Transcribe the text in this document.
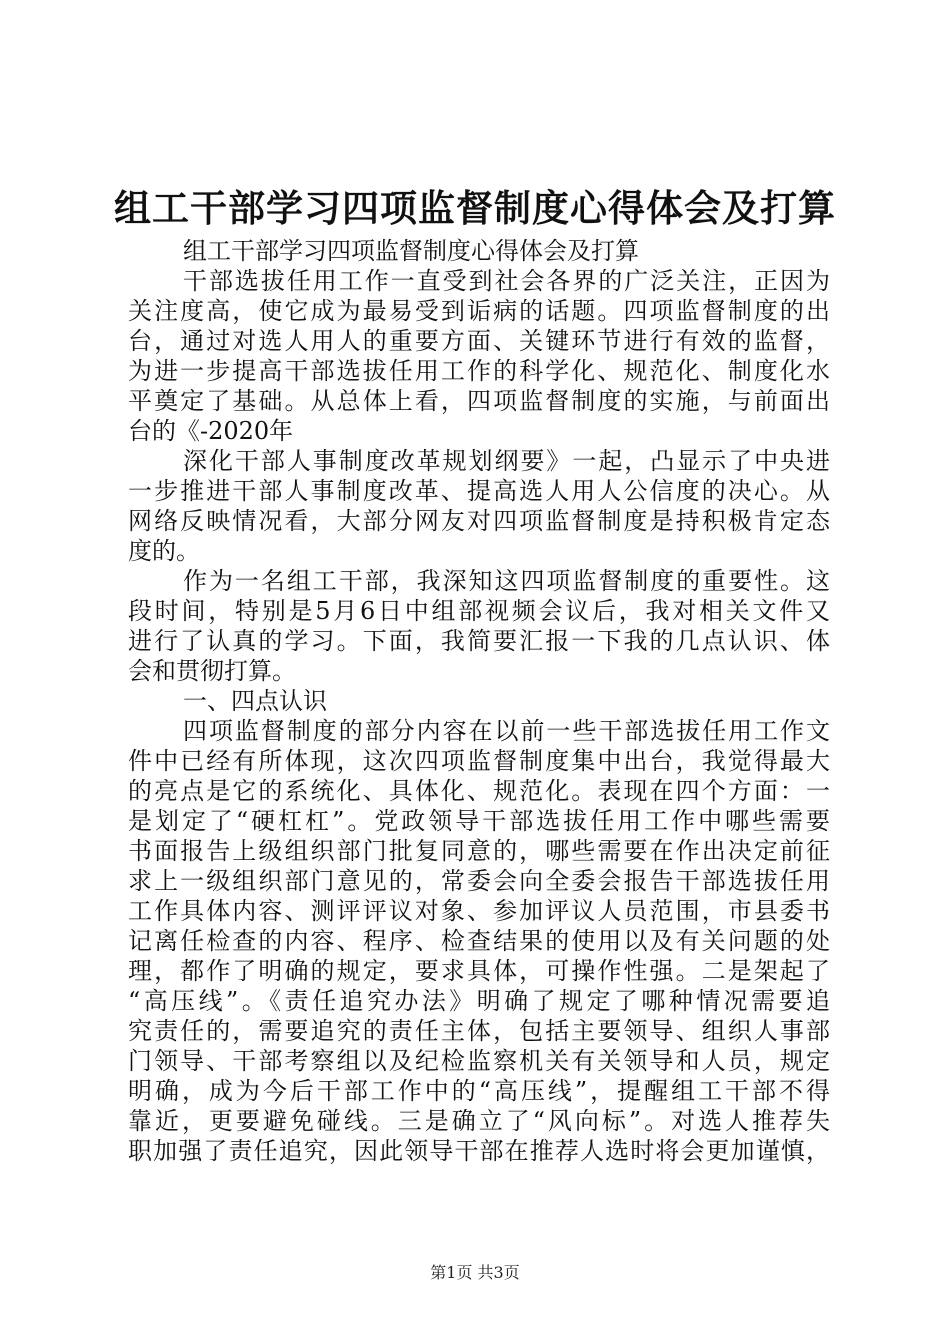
组工干部学习四项监督制度心得体会及打算
组工干部学习四项监督制度心得体会及打算
干部选拔任用工作一直受到社会各界的广泛关注，正因为
关注度高，使它成为最易受到诟病的话题。四项监督制度的出
台，通过对选人用人的重要方面、关键环节进行有效的监督，
为进一步提高干部选拔任用工作的科学化、规范化、制度化水
平奠定了基础。从总体上看，四项监督制度的实施，与前面出
台的《-2020年
深化干部人事制度改革规划纲要》一起，凸显示了中央进
一步推进干部人事制度改革、提高选人用人公信度的决心。从
网络反映情况看，大部分网友对四项监督制度是持积极肯定态
度的。
作为一名组工干部，我深知这四项监督制度的重要性。这
段时间，特别是5月6日中组部视频会议后，我对相关文件又
进行了认真的学习。下面，我简要汇报一下我的几点认识、体
会和贯彻打算。
一、四点认识
四项监督制度的部分内容在以前一些干部选拔任用工作文
件中已经有所体现，这次四项监督制度集中出台，我觉得最大
的亮点是它的系统化、具体化、规范化。表现在四个方面：一
是划定了“硬杠杠”。党政领导干部选拔任用工作中哪些需要
书面报告上级组织部门批复同意的，哪些需要在作出决定前征
求上一级组织部门意见的，常委会向全委会报告干部选拔任用
工作具体内容、测评评议对象、参加评议人员范围，市县委书
记离任检查的内容、程序、检查结果的使用以及有关问题的处
理，都作了明确的规定，要求具体，可操作性强。二是架起了
“高压线”。《责任追究办法》明确了规定了哪种情况需要追
究责任的，需要追究的责任主体，包括主要领导、组织人事部
门领导、干部考察组以及纪检监察机关有关领导和人员，规定
明确，成为今后干部工作中的“高压线”，提醒组工干部不得
靠近，更要避免碰线。三是确立了“风向标”。对选人推荐失
职加强了责任追究，因此领导干部在推荐人选时将会更加谨慎，
第1页 共3页
